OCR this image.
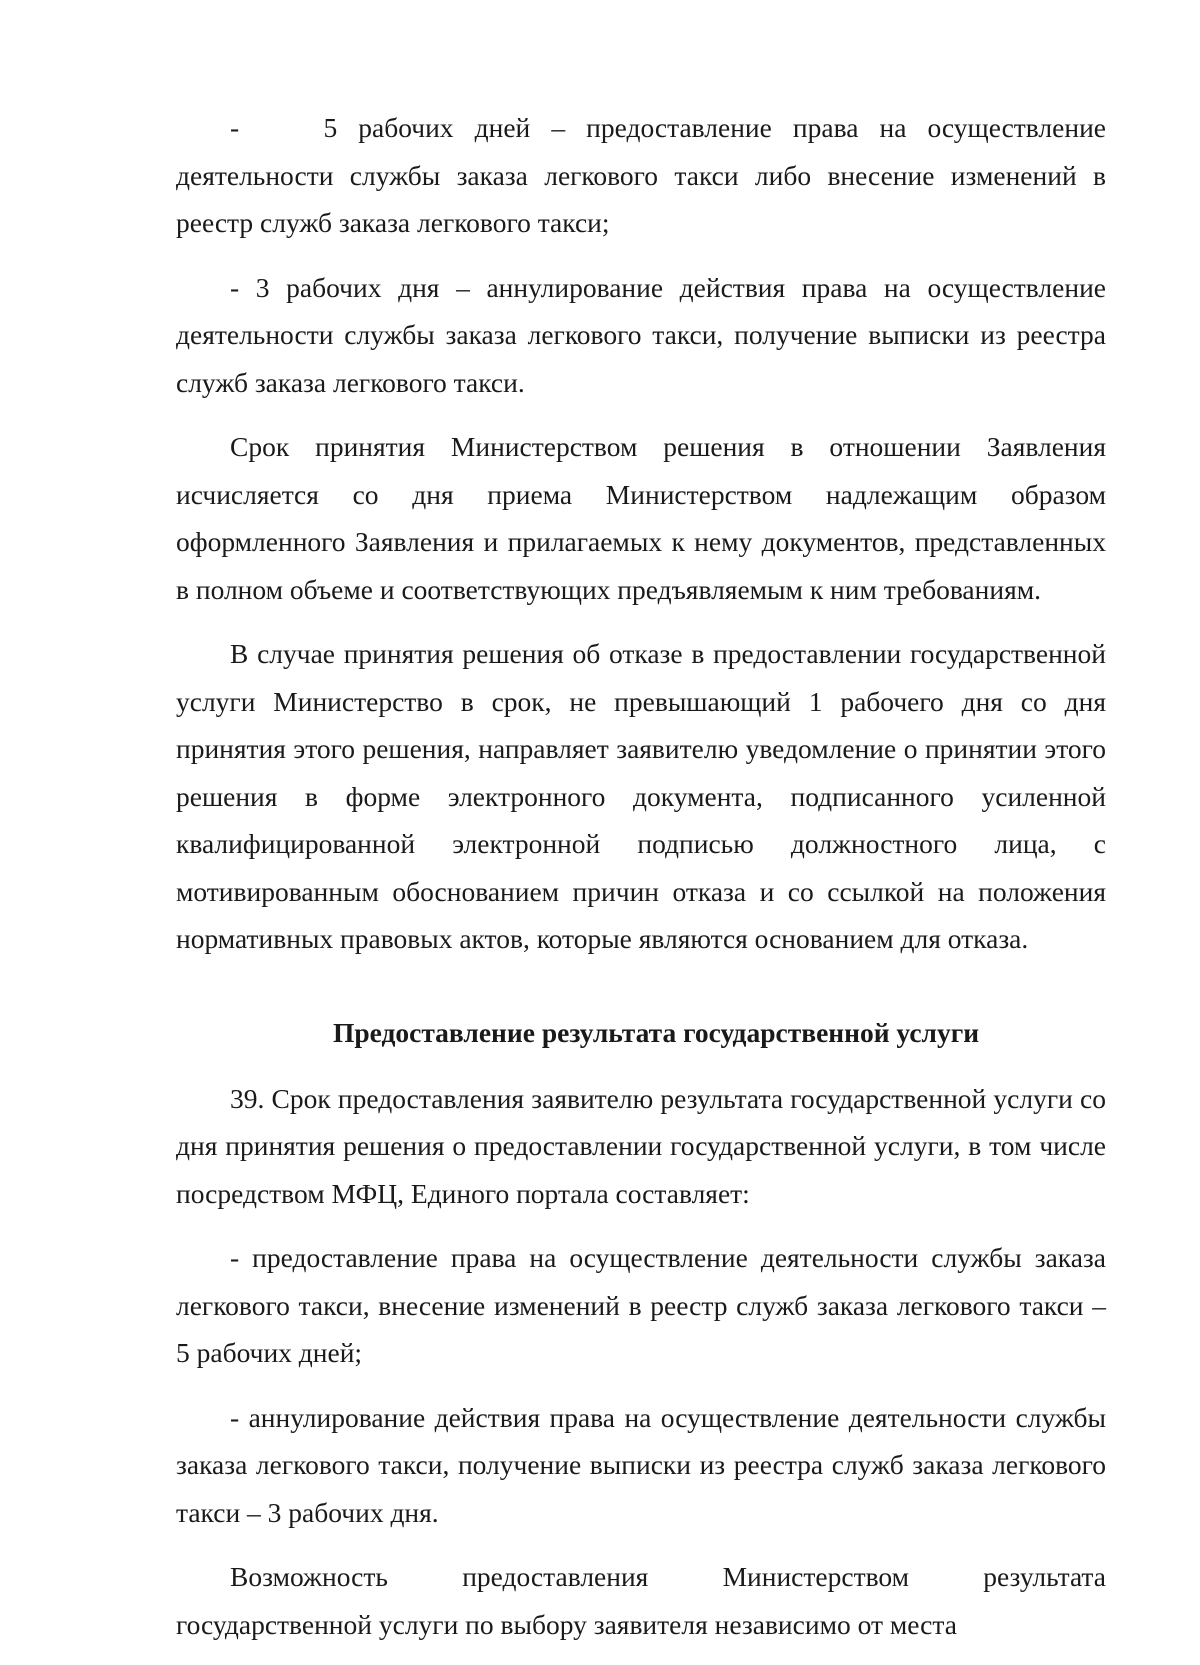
-    5 рабочих дней – предоставление права на осуществление деятельности службы заказа легкового такси либо внесение изменений в реестр служб заказа легкового такси;

- 3 рабочих дня – аннулирование действия права на осуществление деятельности службы заказа легкового такси, получение выписки из реестра служб заказа легкового такси.

Срок принятия Министерством решения в отношении Заявления исчисляется со дня приема Министерством надлежащим образом оформленного Заявления и прилагаемых к нему документов, представленных в полном объеме и соответствующих предъявляемым к ним требованиям.

В случае принятия решения об отказе в предоставлении государственной услуги Министерство в срок, не превышающий 1 рабочего дня со дня принятия этого решения, направляет заявителю уведомление о принятии этого решения в форме электронного документа, подписанного усиленной квалифицированной электронной подписью должностного лица, с мотивированным обоснованием причин отказа и со ссылкой на положения нормативных правовых актов, которые являются основанием для отказа.

Предоставление результата государственной услуги

39. Срок предоставления заявителю результата государственной услуги со дня принятия решения о предоставлении государственной услуги, в том числе посредством МФЦ, Единого портала составляет:

- предоставление права на осуществление деятельности службы заказа легкового такси, внесение изменений в реестр служб заказа легкового такси – 5 рабочих дней;

- аннулирование действия права на осуществление деятельности службы заказа легкового такси, получение выписки из реестра служб заказа легкового такси – 3 рабочих дня.

Возможность предоставления Министерством результата государственной услуги по выбору заявителя независимо от места
